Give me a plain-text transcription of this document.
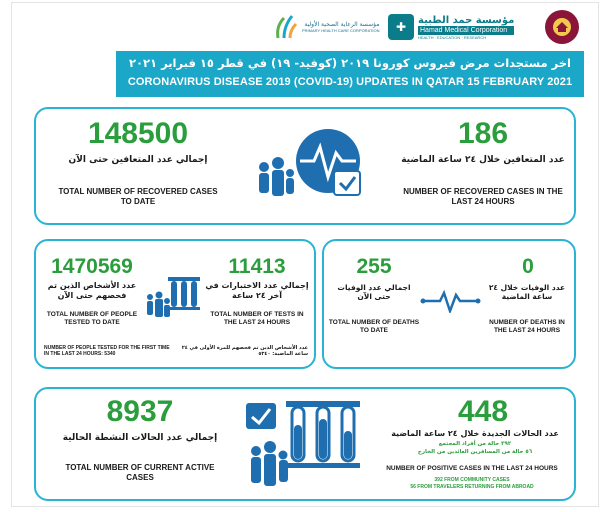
✚	مؤسسة حمد الطبية
Hamad Medical Corporation
HEALTH · EDUCATION · RESEARCH
مؤسسة الرعاية الصحية الأولية
PRIMARY HEALTH CARE CORPORATION
اخر مستجدات مرض فيروس كورونا ٢٠١٩ (كوفيد- ١٩) في قطر ١٥ فبراير ٢٠٢١
CORONAVIRUS DISEASE 2019 (COVID-19) UPDATES IN QATAR 15 FEBRUARY 2021
148500
إجمالي عدد المتعافين حتى الآن
TOTAL NUMBER OF RECOVERED CASES TO DATE
186
عدد المتعافين خلال ٢٤ ساعة الماضية
NUMBER OF RECOVERED CASES IN THE LAST 24 HOURS
1470569
عدد الأشخاص الذين تم فحصهم حتى الآن
TOTAL NUMBER OF PEOPLE TESTED TO DATE
11413
إجمالي عدد الاختبارات في آخر ٢٤ ساعة
TOTAL NUMBER OF TESTS IN THE LAST 24 HOURS
NUMBER OF PEOPLE TESTED FOR THE FIRST TIME IN THE LAST 24 HOURS: 5340
عدد الأشخاص الذين تم فحصهم للمرة الأولى في ٢٤ ساعة الماضية: ٥٣٤٠
255
اجمالي عدد الوفيات حتى الآن
TOTAL NUMBER OF DEATHS TO DATE
0
عدد الوفيات خلال ٢٤ ساعة الماضية
NUMBER OF DEATHS IN THE LAST 24 HOURS
8937
إجمالي عدد الحالات النشطة الحالية
TOTAL NUMBER OF CURRENT ACTIVE CASES
448
عدد الحالات الجديدة خلال ٢٤ ساعة الماضية
٣٩٢ حالة من أفراد المجتمع
٥٦ حالة من المسافرين العائدين من الخارج
NUMBER OF POSITIVE CASES IN THE LAST 24 HOURS
392 FROM COMMUNITY CASES
56 FROM TRAVELERS RETURNING FROM ABROAD
